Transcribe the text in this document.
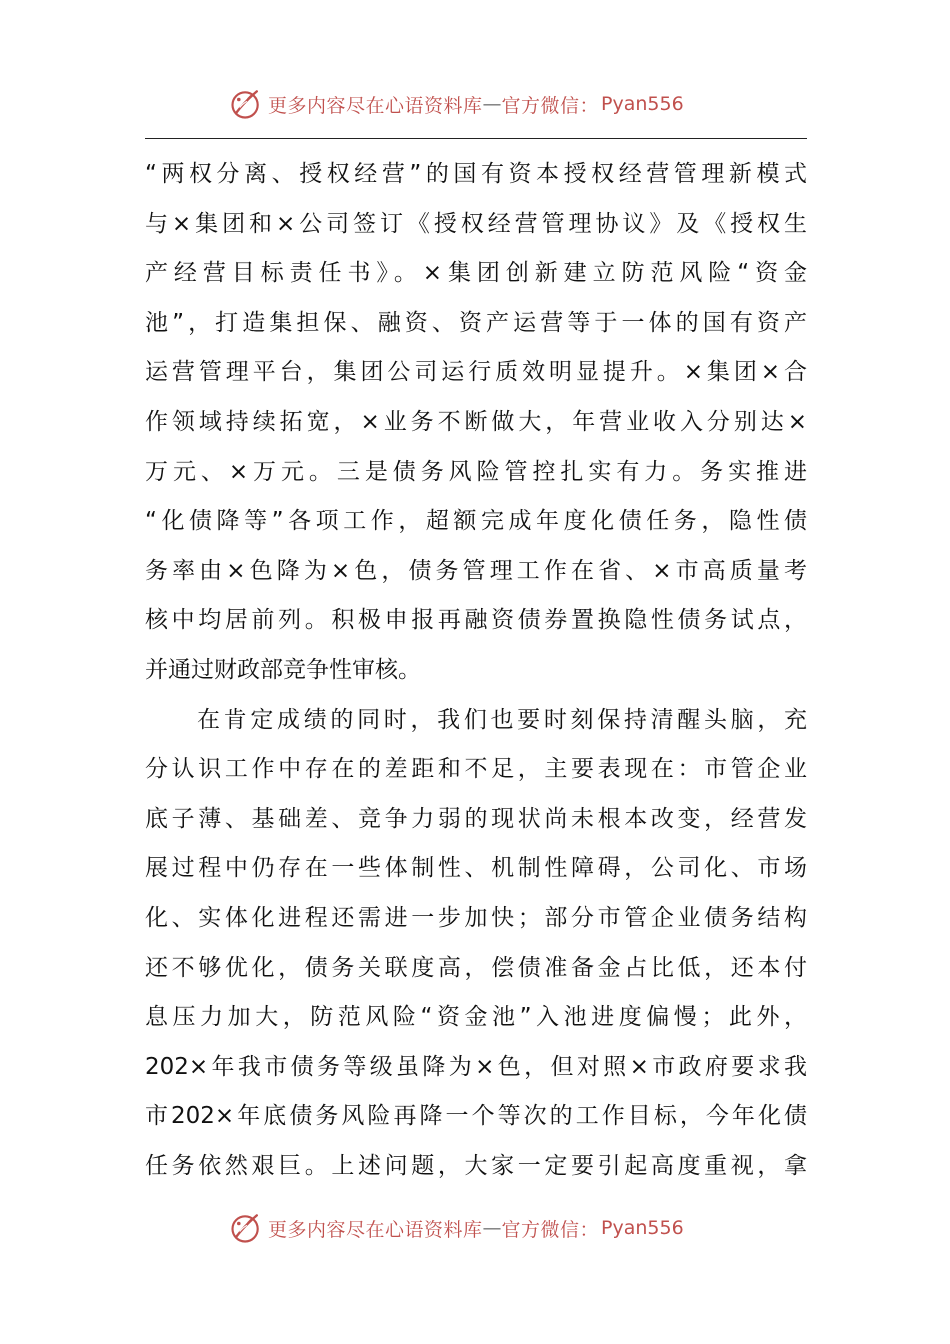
更多内容尽在心语资料库 — 官方微信： Pyan556
“两权分离、授权经营”的国有资本授权经营管理新模式
与×集团和×公司签订《授权经营管理协议》及《授权生
产经营目标责任书》。×集团创新建立防范风险“资金
池”，打造集担保、融资、资产运营等于一体的国有资产
运营管理平台，集团公司运行质效明显提升。×集团×合
作领域持续拓宽，×业务不断做大，年营业收入分别达×
万元、×万元。三是债务风险管控扎实有力。务实推进
“化债降等”各项工作，超额完成年度化债任务，隐性债
务率由×色降为×色，债务管理工作在省、×市高质量考
核中均居前列。积极申报再融资债券置换隐性债务试点，
并通过财政部竞争性审核。
在肯定成绩的同时，我们也要时刻保持清醒头脑，充
分认识工作中存在的差距和不足，主要表现在：市管企业
底子薄、基础差、竞争力弱的现状尚未根本改变，经营发
展过程中仍存在一些体制性、机制性障碍，公司化、市场
化、实体化进程还需进一步加快；部分市管企业债务结构
还不够优化，债务关联度高，偿债准备金占比低，还本付
息压力加大，防范风险“资金池”入池进度偏慢；此外，
202×年我市债务等级虽降为×色，但对照×市政府要求我
市202×年底债务风险再降一个等次的工作目标，今年化债
任务依然艰巨。上述问题，大家一定要引起高度重视，拿
更多内容尽在心语资料库 — 官方微信： Pyan556
